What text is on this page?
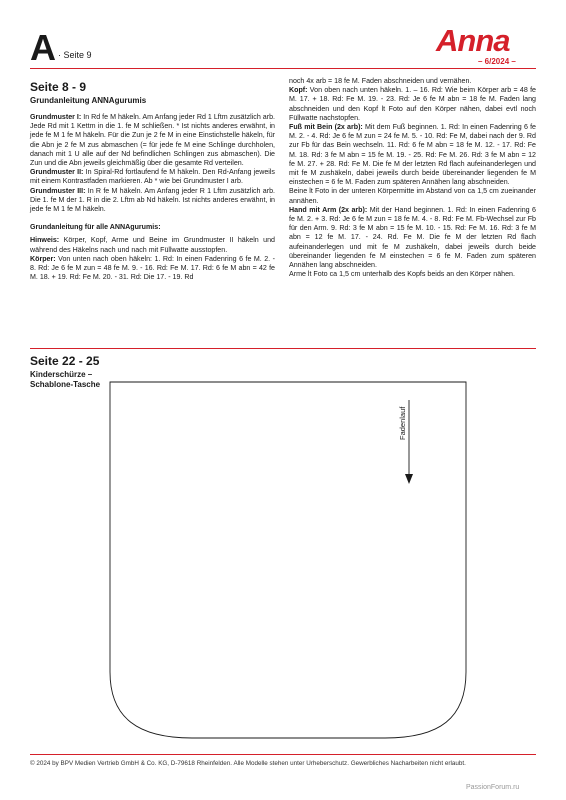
A · Seite 9	Anna
– 6/2024 –
Seite 8 - 9
Grundanleitung ANNAgurumis

Grundmuster I: In Rd fe M häkeln. Am Anfang jeder Rd 1 Lftm zusätzlich arb. Jede Rd mit 1 Kettm in die 1. fe M schließen. * Ist nichts anderes erwähnt, in jede fe M 1 fe M häkeln. Für die Zun je 2 fe M in eine Einstichstelle häkeln, für die Abn je 2 fe M zus abmaschen (= für jede fe M eine Schlinge durchholen, danach mit 1 U alle auf der Nd befindlichen Schlingen zus abmaschen). Die Zun und die Abn jeweils gleichmäßig über die gesamte Rd verteilen.

Grundmuster II: In Spiral-Rd fortlaufend fe M häkeln. Den Rd-Anfang jeweils mit einem Kontrastfaden markieren. Ab * wie bei Grundmuster I arb.

Grundmuster III: In R fe M häkeln. Am Anfang jeder R 1 Lftm zusätzlich arb. Die 1. fe M der 1. R in die 2. Lftm ab Nd häkeln. Ist nichts anderes erwähnt, in jede fe M 1 fe M häkeln.

Grundanleitung für alle ANNAgurumis:

Hinweis: Körper, Kopf, Arme und Beine im Grundmuster II häkeln und während des Häkelns nach und nach mit Füllwatte ausstopfen.

Körper: Von unten nach oben häkeln: 1. Rd: In einen Fadenring 6 fe M. 2. - 8. Rd: Je 6 fe M zun = 48 fe M. 9. - 16. Rd: Fe M. 17. Rd: 6 fe M abn = 42 fe M. 18. + 19. Rd: Fe M. 20. - 31. Rd: Die 17. - 19. Rd

noch 4x arb = 18 fe M. Faden abschneiden und vernähen.

Kopf: Von oben nach unten häkeln. 1. – 16. Rd: Wie beim Körper arb = 48 fe M. 17. + 18. Rd: Fe M. 19. - 23. Rd: Je 6 fe M abn = 18 fe M. Faden lang abschneiden und den Kopf lt Foto auf den Körper nähen, dabei evtl noch Füllwatte nachstopfen.

Fuß mit Bein (2x arb): Mit dem Fuß beginnen. 1. Rd: In einen Fadenring 6 fe M. 2. - 4. Rd: Je 6 fe M zun = 24 fe M. 5. - 10. Rd: Fe M, dabei nach der 9. Rd zur Fb für das Bein wechseln. 11. Rd: 6 fe M abn = 18 fe M. 12. - 17. Rd: Fe M. 18. Rd: 3 fe M abn = 15 fe M. 19. - 25. Rd: Fe M. 26. Rd: 3 fe M abn = 12 fe M. 27. + 28. Rd: Fe M. Die fe M der letzten Rd flach aufeinanderlegen und mit fe M zushäkeln, dabei jeweils durch beide übereinander liegenden fe M einstechen = 6 fe M. Faden zum späteren Annähen lang abschneiden.

Beine lt Foto in der unteren Körpermitte im Abstand von ca 1,5 cm zueinander annähen.

Hand mit Arm (2x arb): Mit der Hand beginnen. 1. Rd: In einen Fadenring 6 fe M. 2. + 3. Rd: Je 6 fe M zun = 18 fe M. 4. - 8. Rd: Fe M. Fb-Wechsel zur Fb für den Arm. 9. Rd: 3 fe M abn = 15 fe M. 10. - 15. Rd: Fe M. 16. Rd: 3 fe M abn = 12 fe M. 17. - 24. Rd. Fe M. Die fe M der letzten Rd flach aufeinanderlegen und mit fe M zushäkeln, dabei jeweils durch beide übereinander liegenden fe M einstechen = 6 fe M. Faden zum späteren Annähen lang abschneiden.

Arme lt Foto ca 1,5 cm unterhalb des Kopfs beids an den Körper nähen.

Seite 22 - 25
Kinderschürze –
Schablone-Tasche
Fadenlauf
© 2024 by BPV Medien Vertrieb GmbH & Co. KG, D-79618 Rheinfelden. Alle Modelle stehen unter Urheberschutz. Gewerbliches Nacharbeiten nicht erlaubt.
PassionForum.ru
